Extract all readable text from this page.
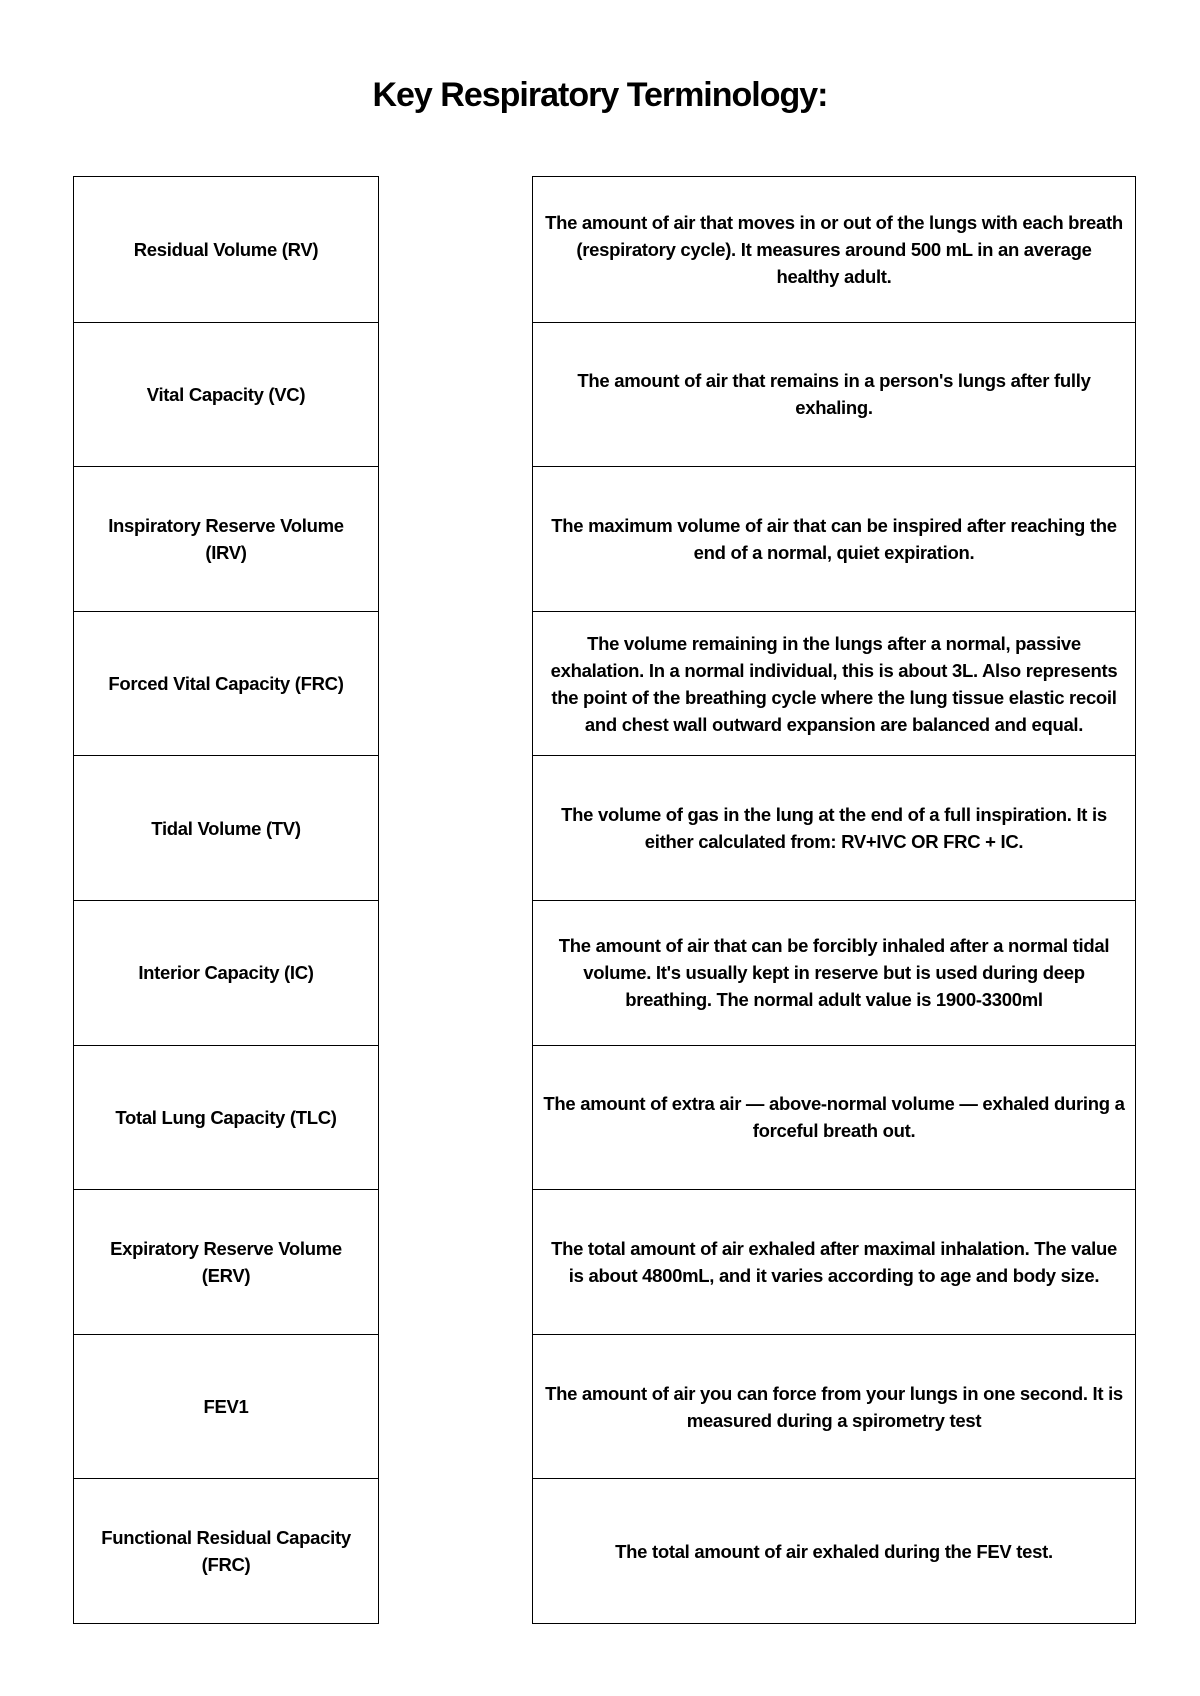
Key Respiratory Terminology:
Residual Volume (RV)
Vital Capacity (VC)
Inspiratory Reserve Volume (IRV)
Forced Vital Capacity (FRC)
Tidal Volume (TV)
Interior Capacity (IC)
Total Lung Capacity (TLC)
Expiratory Reserve Volume (ERV)
FEV1
Functional Residual Capacity (FRC)
The amount of air that moves in or out of the lungs with each breath (respiratory cycle). It measures around 500 mL in an average healthy adult.
The amount of air that remains in a person's lungs after fully exhaling.
The maximum volume of air that can be inspired after reaching the end of a normal, quiet expiration.
The volume remaining in the lungs after a normal, passive exhalation. In a normal individual, this is about 3L. Also represents the point of the breathing cycle where the lung tissue elastic recoil and chest wall outward expansion are balanced and equal.
The volume of gas in the lung at the end of a full inspiration. It is either calculated from: RV+IVC OR FRC + IC.
The amount of air that can be forcibly inhaled after a normal tidal volume. It's usually kept in reserve but is used during deep breathing. The normal adult value is 1900-3300ml
The amount of extra air — above-normal volume — exhaled during a forceful breath out.
The total amount of air exhaled after maximal inhalation. The value is about 4800mL, and it varies according to age and body size.
The amount of air you can force from your lungs in one second. It is measured during a spirometry test
The total amount of air exhaled during the FEV test.
